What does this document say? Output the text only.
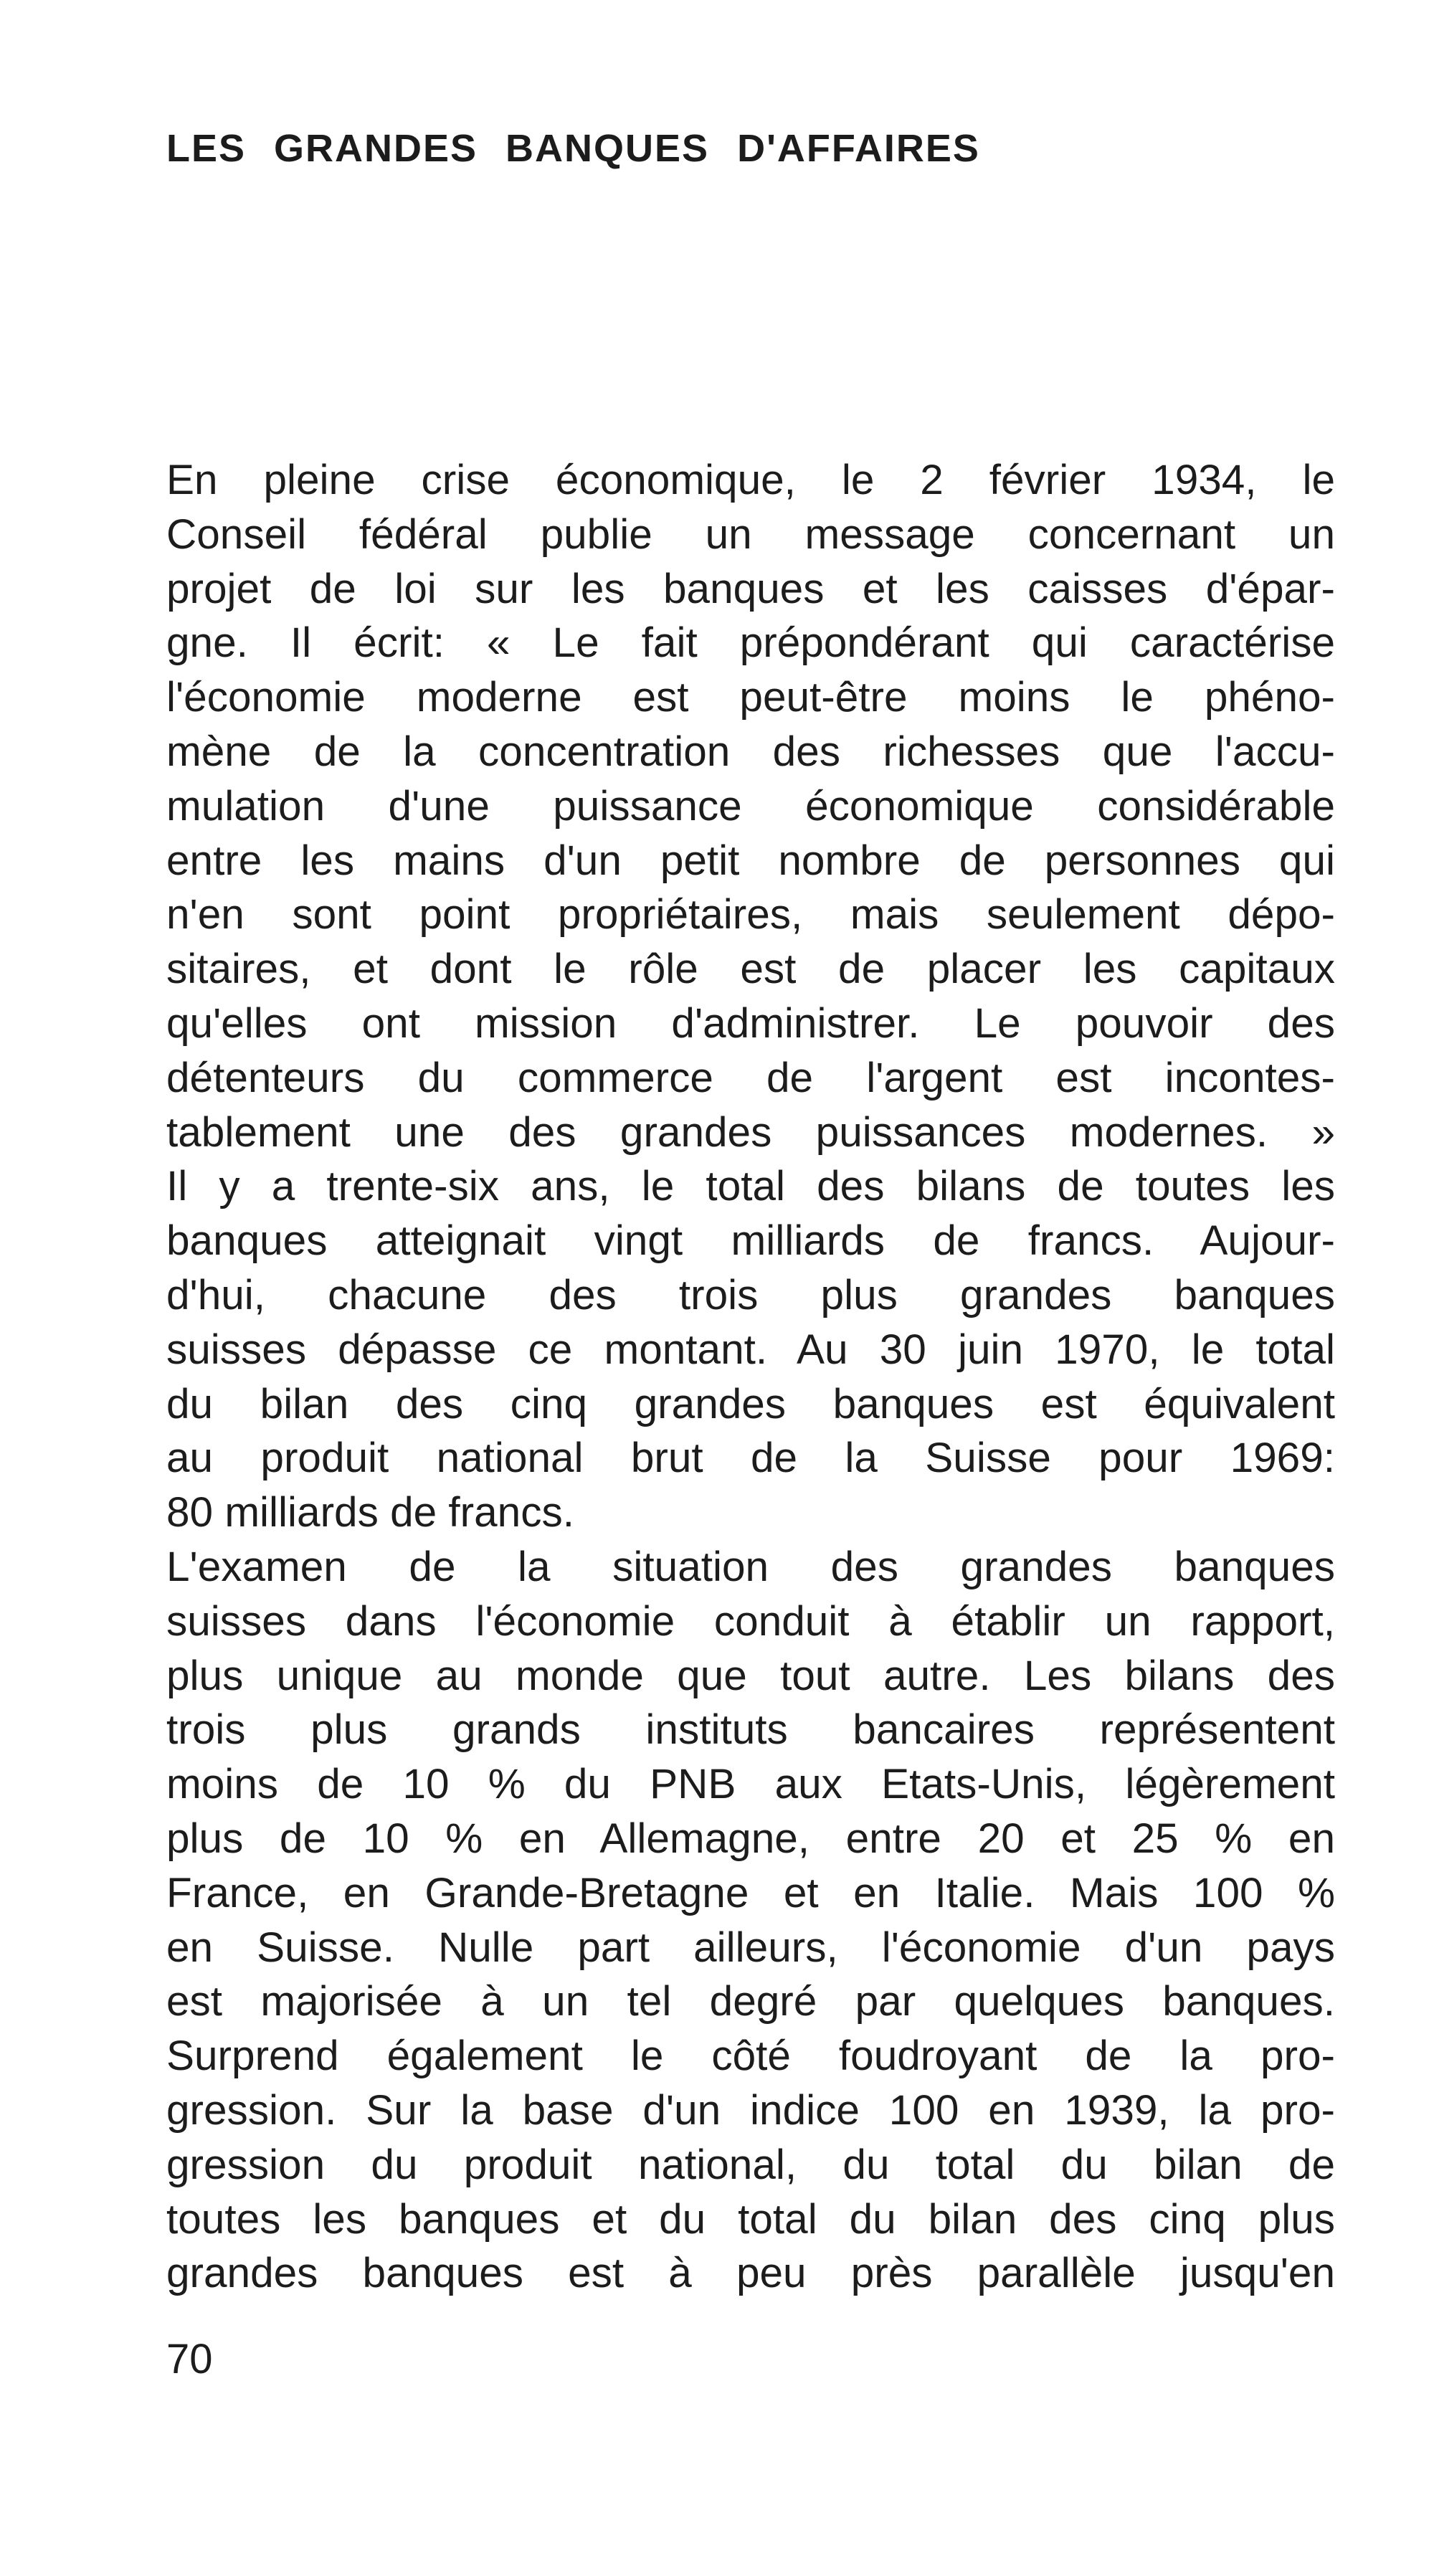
LES GRANDES BANQUES D'AFFAIRES

En pleine crise économique, le 2 février 1934, le
Conseil fédéral publie un message concernant un
projet de loi sur les banques et les caisses d'épar-
gne. Il écrit: « Le fait prépondérant qui caractérise
l'économie moderne est peut-être moins le phéno-
mène de la concentration des richesses que l'accu-
mulation d'une puissance économique considérable
entre les mains d'un petit nombre de personnes qui
n'en sont point propriétaires, mais seulement dépo-
sitaires, et dont le rôle est de placer les capitaux
qu'elles ont mission d'administrer. Le pouvoir des
détenteurs du commerce de l'argent est incontes-
tablement une des grandes puissances modernes. »

Il y a trente-six ans, le total des bilans de toutes les
banques atteignait vingt milliards de francs. Aujour-
d'hui, chacune des trois plus grandes banques
suisses dépasse ce montant. Au 30 juin 1970, le total
du bilan des cinq grandes banques est équivalent
au produit national brut de la Suisse pour 1969:
80 milliards de francs.

L'examen de la situation des grandes banques
suisses dans l'économie conduit à établir un rapport,
plus unique au monde que tout autre. Les bilans des
trois plus grands instituts bancaires représentent
moins de 10 % du PNB aux Etats-Unis, légèrement
plus de 10 % en Allemagne, entre 20 et 25 % en
France, en Grande-Bretagne et en Italie. Mais 100 %
en Suisse. Nulle part ailleurs, l'économie d'un pays
est majorisée à un tel degré par quelques banques.
Surprend également le côté foudroyant de la pro-
gression. Sur la base d'un indice 100 en 1939, la pro-
gression du produit national, du total du bilan de
toutes les banques et du total du bilan des cinq plus
grandes banques est à peu près parallèle jusqu'en

70
